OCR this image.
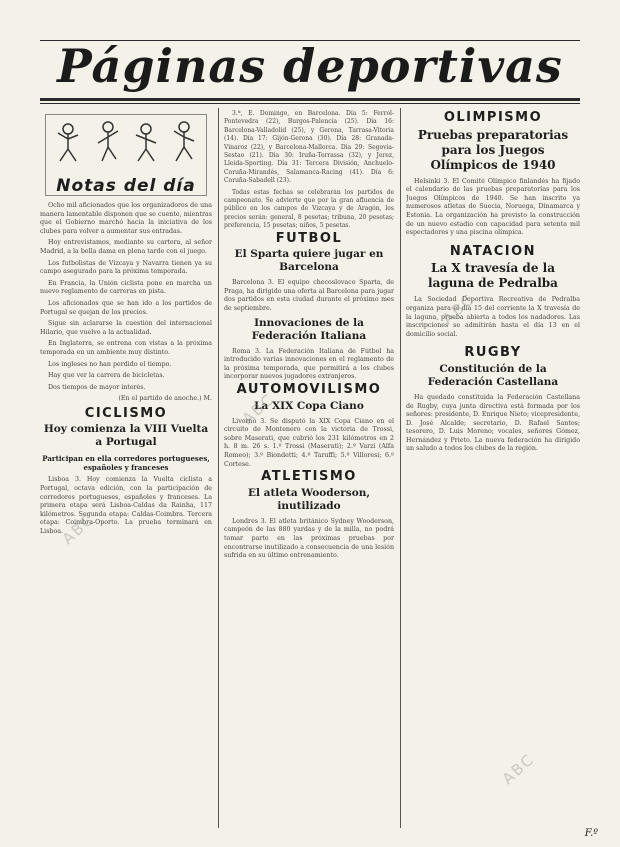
Páginas deportivas
Notas del día

Ocho mil aficionados que los organizadores de una manera lamentable disponen que se cuente, mientras que el Gobierno marchó hacia la iniciativa de los clubes para volver a aumentar sus entradas.

Hoy entrevistamos, mediante su cartera, al señor Madrid, a la bella dama en plena tarde con el juego.

Los futbolistas de Vizcaya y Navarra tienen ya su campo asegurado para la próxima temporada.

En Francia, la Unión ciclista pone en marcha un nuevo reglamento de carreras en pista.

Los aficionados que se han ido a los partidos de Portugal se quejan de los precios.

Sigue sin aclararse la cuestión del internacional Hilario, que vuelve a la actualidad.

En Inglaterra, se entrena con vistas a la próxima temporada en un ambiente muy distinto.

Los ingleses no han perdido el tiempo.

Hay que ver la carrera de bicicletas.

Dos tiempos de mayor interés.

(En el partido de anoche.) M.

CICLISMO
Hoy comienza la VIII Vuelta a Portugal
Participan en ella corredores portugueses, españoles y franceses

Lisboa 3. Hoy comienza la Vuelta ciclista a Portugal, octava edición, con la participación de corredores portugueses, españoles y franceses. La primera etapa será Lisboa-Caldas da Rainha, 117 kilómetros. Segunda etapa: Caldas-Coimbra. Tercera etapa: Coimbra-Oporto. La prueba terminará en Lisboa.

3.ª, E. Domingo, en Barcelona. Día 5: Ferrol-Pontevedra (22), Burgos-Palencia (25). Día 16: Barcelona-Valladolid (25), y Gerona, Tarrasa-Vitoria (14). Día 17: Gijón-Gerona (30). Día 28: Granada-Vinaroz (22), y Barcelona-Mallorca. Día 29: Segovia-Sestao (21). Día 30: Iruña-Terrassa (32), y Jerez, Lleida-Sporting. Día 31: Tercera División, Anchuelo-Coruña-Mirandés, Salamanca-Racing (41). Día 6: Coruña-Sabadell (23).

Todas estas fechas se celebrarán los partidos de campeonato. Se advierte que por la gran afluencia de público en los campos de Vizcaya y de Aragón, los precios serán: general, 8 pesetas; tribuna, 20 pesetas; preferencia, 15 pesetas; niños, 5 pesetas.

FUTBOL
El Sparta quiere jugar en Barcelona

Barcelona 3. El equipo checoslovaco Sparta, de Praga, ha dirigido una oferta al Barcelona para jugar dos partidos en esta ciudad durante el próximo mes de septiembre.

Innovaciones de la Federación Italiana

Roma 3. La Federación Italiana de Fútbol ha introducido varias innovaciones en el reglamento de la próxima temporada, que permitirá a los clubes incorporar nuevos jugadores extranjeros.

AUTOMOVILISMO
La XIX Copa Ciano

Livorno 3. Se disputó la XIX Copa Ciano en el circuito de Montenero con la victoria de Trossi, sobre Maserati, que cubrió los 231 kilómetros en 2 h. 8 m. 26 s. 1.º Trossi (Maserati); 2.º Varzi (Alfa Romeo); 3.º Biondetti; 4.º Taruffi; 5.º Villoresi; 6.º Cortese.

ATLETISMO
El atleta Wooderson, inutilizado

Londres 3. El atleta británico Sydney Wooderson, campeón de las 880 yardas y de la milla, no podrá tomar parte en las próximas pruebas por encontrarse inutilizado a consecuencia de una lesión sufrida en su último entrenamiento.

OLIMPISMO
Pruebas preparatorias para los Juegos Olímpicos de 1940

Helsinki 3. El Comité Olímpico finlandés ha fijado el calendario de las pruebas preparatorias para los Juegos Olímpicos de 1940. Se han inscrito ya numerosos atletas de Suecia, Noruega, Dinamarca y Estonia. La organización ha previsto la construcción de un nuevo estadio con capacidad para setenta mil espectadores y una piscina olímpica.

NATACION
La X travesía de la laguna de Pedralba

La Sociedad Deportiva Recreativa de Pedralba organiza para el día 15 del corriente la X travesía de la laguna, prueba abierta a todos los nadadores. Las inscripciones se admitirán hasta el día 13 en el domicilio social.

RUGBY
Constitución de la Federación Castellana

Ha quedado constituida la Federación Castellana de Rugby, cuya junta directiva está formada por los señores: presidente, D. Enrique Nieto; vicepresidente, D. José Alcalde; secretario, D. Rafael Santos; tesorero, D. Luis Moreno; vocales, señores Gómez, Hernández y Prieto. La nueva federación ha dirigido un saludo a todos los clubes de la región.

ABC
ABC
ABC
ABC
F.º
